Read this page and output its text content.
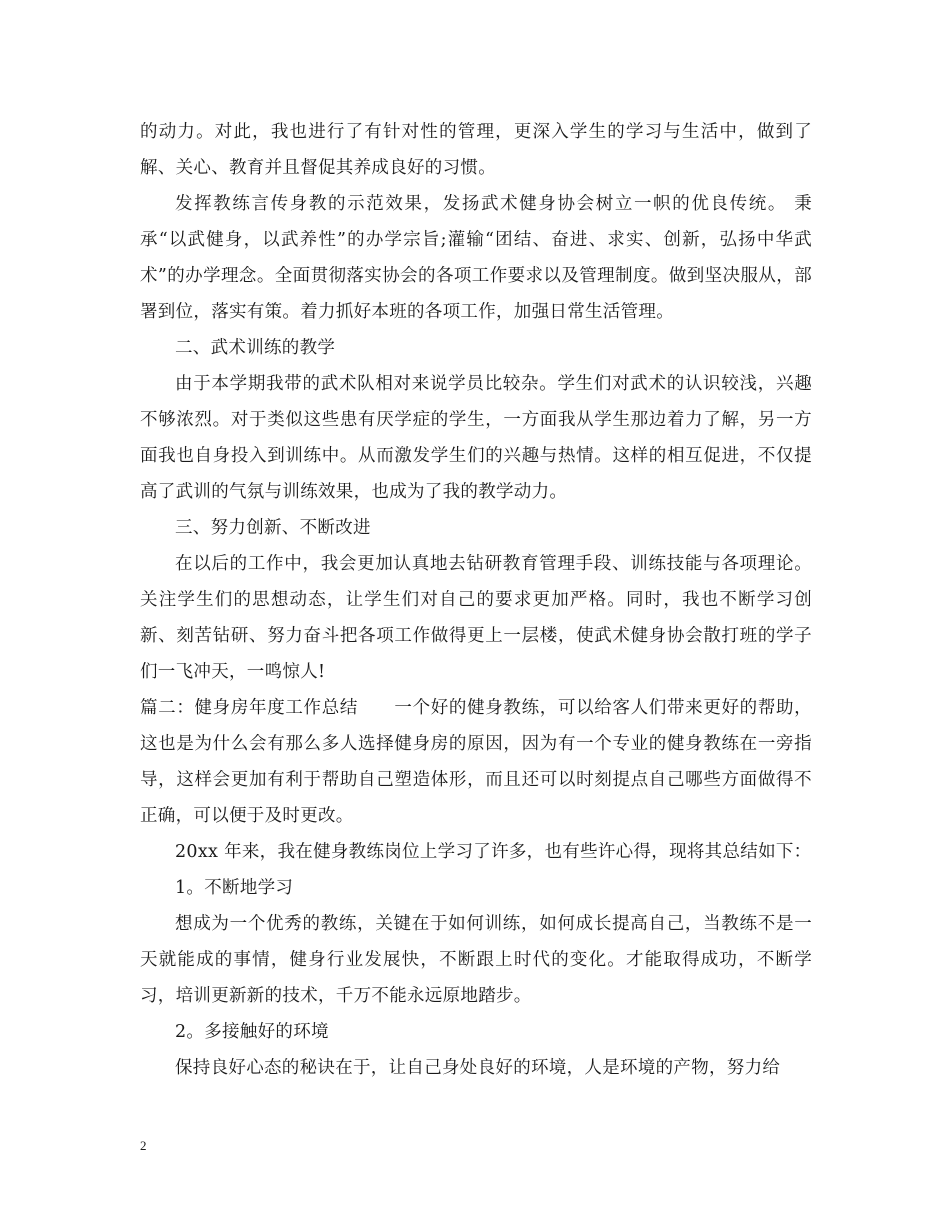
的动力。对此，我也进行了有针对性的管理，更深入学生的学习与生活中，做到了解、关心、教育并且督促其养成良好的习惯。

发挥教练言传身教的示范效果，发扬武术健身协会树立一帜的优良传统。 秉承“以武健身，以武养性”的办学宗旨;灌输“团结、奋进、求实、创新，弘扬中华武术”的办学理念。全面贯彻落实协会的各项工作要求以及管理制度。做到坚决服从，部署到位，落实有策。着力抓好本班的各项工作，加强日常生活管理。

二、武术训练的教学

由于本学期我带的武术队相对来说学员比较杂。学生们对武术的认识较浅，兴趣不够浓烈。对于类似这些患有厌学症的学生，一方面我从学生那边着力了解，另一方面我也自身投入到训练中。从而激发学生们的兴趣与热情。这样的相互促进，不仅提高了武训的气氛与训练效果，也成为了我的教学动力。

三、努力创新、不断改进

在以后的工作中，我会更加认真地去钻研教育管理手段、训练技能与各项理论。关注学生们的思想动态，让学生们对自己的要求更加严格。同时，我也不断学习创新、刻苦钻研、努力奋斗把各项工作做得更上一层楼，使武术健身协会散打班的学子们一飞冲天，一鸣惊人!

篇二：健身房年度工作总结　　一个好的健身教练，可以给客人们带来更好的帮助，这也是为什么会有那么多人选择健身房的原因，因为有一个专业的健身教练在一旁指导，这样会更加有利于帮助自己塑造体形，而且还可以时刻提点自己哪些方面做得不正确，可以便于及时更改。

20xx 年来，我在健身教练岗位上学习了许多，也有些许心得，现将其总结如下：

1。不断地学习

想成为一个优秀的教练，关键在于如何训练，如何成长提高自己，当教练不是一天就能成的事情，健身行业发展快，不断跟上时代的变化。才能取得成功，不断学习，培训更新新的技术，千万不能永远原地踏步。

2。多接触好的环境

保持良好心态的秘诀在于，让自己身处良好的环境，人是环境的产物，努力给

2
